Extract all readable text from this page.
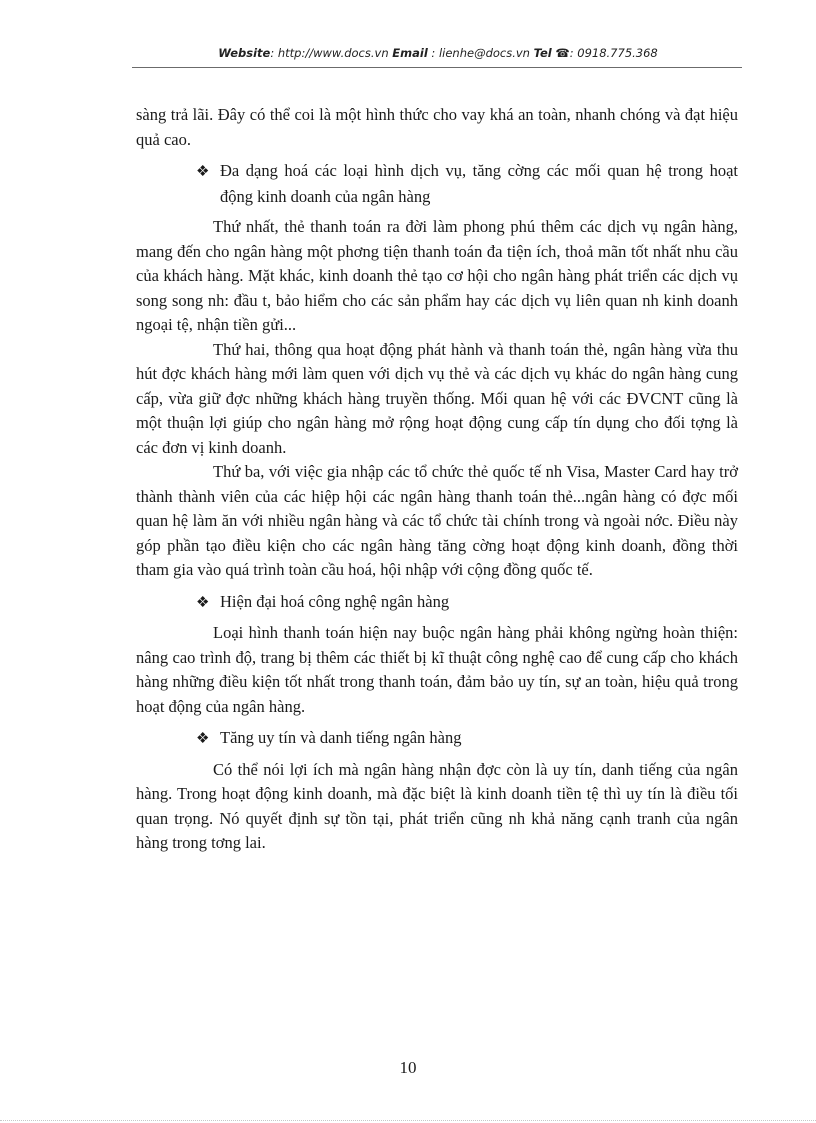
Website: http://www.docs.vn Email : lienhe@docs.vn Tel ☎: 0918.775.368

sàng trả lãi. Đây có thể coi là một hình thức cho vay khá an toàn, nhanh chóng và đạt hiệu quả cao.

❖ Đa dạng hoá các loại hình dịch vụ, tăng cờng các mối quan hệ trong hoạt động kinh doanh của ngân hàng

Thứ nhất, thẻ thanh toán ra đời làm phong phú thêm các dịch vụ ngân hàng, mang đến cho ngân hàng một phơng tiện thanh toán đa tiện ích, thoả mãn tốt nhất nhu cầu của khách hàng. Mặt khác, kinh doanh thẻ tạo cơ hội cho ngân hàng phát triển các dịch vụ song song nh: đầu t, bảo hiểm cho các sản phẩm hay các dịch vụ liên quan nh kinh doanh ngoại tệ, nhận tiền gửi...

Thứ hai, thông qua hoạt động phát hành và thanh toán thẻ, ngân hàng vừa thu hút đợc khách hàng mới làm quen với dịch vụ thẻ và các dịch vụ khác do ngân hàng cung cấp, vừa giữ đợc những khách hàng truyền thống. Mối quan hệ với các ĐVCNT cũng là một thuận lợi giúp cho ngân hàng mở rộng hoạt động cung cấp tín dụng cho đối tợng là các đơn vị kinh doanh.

Thứ ba, với việc gia nhập các tổ chức thẻ quốc tế nh Visa, Master Card hay trở thành thành viên của các hiệp hội các ngân hàng thanh toán thẻ...ngân hàng có đợc mối quan hệ làm ăn với nhiều ngân hàng và các tổ chức tài chính trong và ngoài nớc. Điều này góp phần tạo điều kiện cho các ngân hàng tăng cờng hoạt động kinh doanh, đồng thời tham gia vào quá trình toàn cầu hoá, hội nhập với cộng đồng quốc tế.

❖ Hiện đại hoá công nghệ ngân hàng

Loại hình thanh toán hiện nay buộc ngân hàng phải không ngừng hoàn thiện: nâng cao trình độ, trang bị thêm các thiết bị kĩ thuật công nghệ cao để cung cấp cho khách hàng những điều kiện tốt nhất trong thanh toán, đảm bảo uy tín, sự an toàn, hiệu quả trong hoạt động của ngân hàng.

❖ Tăng uy tín và danh tiếng ngân hàng

Có thể nói lợi ích mà ngân hàng nhận đợc còn là uy tín, danh tiếng của ngân hàng. Trong hoạt động kinh doanh, mà đặc biệt là kinh doanh tiền tệ thì uy tín là điều tối quan trọng. Nó quyết định sự tồn tại, phát triển cũng nh khả năng cạnh tranh của ngân hàng trong tơng lai.

10
